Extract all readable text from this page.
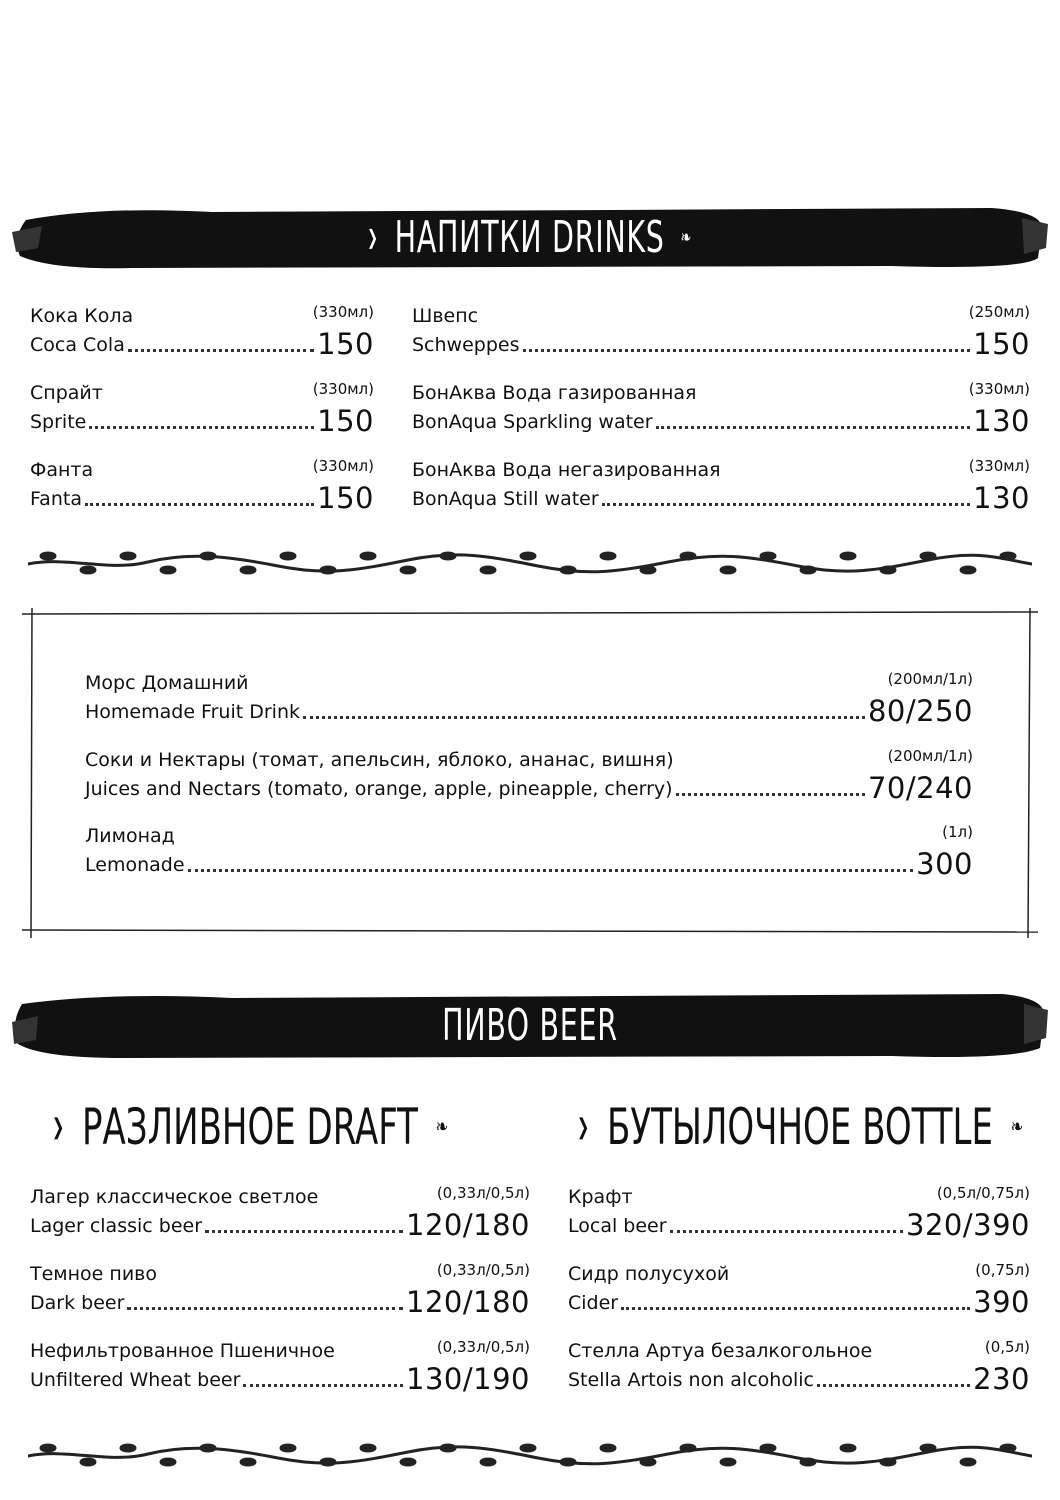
❯ НАПИТКИ DRINKS ❧
Кока Кола	(330мл)
Coca Cola	150
Спрайт	(330мл)
Sprite	150
Фанта	(330мл)
Fanta	150
Швепс	(250мл)
Schweppes	150
БонАква Вода газированная	(330мл)
BonAqua Sparkling water	130
БонАква Вода негазированная	(330мл)
BonAqua Still water	130
Морс Домашний	(200мл/1л)
Homemade Fruit Drink	80/250
Соки и Нектары (томат, апельсин, яблоко, ананас, вишня)	(200мл/1л)
Juices and Nectars (tomato, orange, apple, pineapple, cherry)	70/240
Лимонад	(1л)
Lemonade	300
ПИВО BEER
❯ РАЗЛИВНОЕ DRAFT ❧	❯ БУТЫЛОЧНОЕ BOTTLE ❧
Лагер классическое светлое	(0,33л/0,5л)
Lager classic beer	120/180
Темное пиво	(0,33л/0,5л)
Dark beer	120/180
Нефильтрованное Пшеничное	(0,33л/0,5л)
Unfiltered Wheat beer	130/190
Крафт	(0,5л/0,75л)
Local beer	320/390
Сидр полусухой	(0,75л)
Cider	390
Стелла Артуа безалкогольное	(0,5л)
Stella Artois non alcoholic	230
